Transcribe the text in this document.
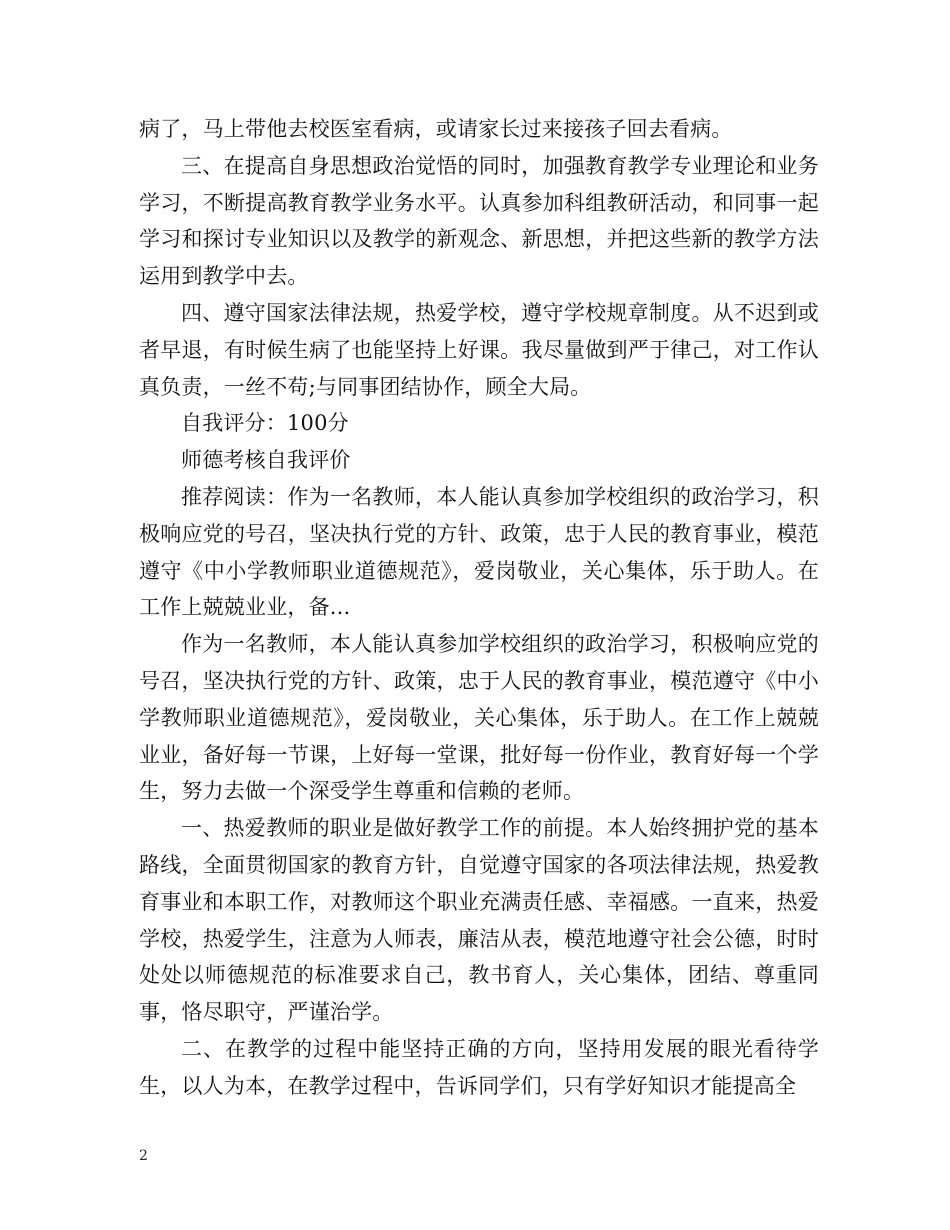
病了，马上带他去校医室看病，或请家长过来接孩子回去看病。

三、在提高自身思想政治觉悟的同时，加强教育教学专业理论和业务学习，不断提高教育教学业务水平。认真参加科组教研活动，和同事一起学习和探讨专业知识以及教学的新观念、新思想，并把这些新的教学方法运用到教学中去。

四、遵守国家法律法规，热爱学校，遵守学校规章制度。从不迟到或者早退，有时候生病了也能坚持上好课。我尽量做到严于律己，对工作认真负责，一丝不苟;与同事团结协作，顾全大局。

自我评分：100分

师德考核自我评价

推荐阅读：作为一名教师，本人能认真参加学校组织的政治学习，积极响应党的号召，坚决执行党的方针、政策，忠于人民的教育事业，模范遵守《中小学教师职业道德规范》，爱岗敬业，关心集体，乐于助人。在工作上兢兢业业，备...

作为一名教师，本人能认真参加学校组织的政治学习，积极响应党的号召，坚决执行党的方针、政策，忠于人民的教育事业，模范遵守《中小学教师职业道德规范》，爱岗敬业，关心集体，乐于助人。在工作上兢兢业业，备好每一节课，上好每一堂课，批好每一份作业，教育好每一个学生，努力去做一个深受学生尊重和信赖的老师。

一、热爱教师的职业是做好教学工作的前提。本人始终拥护党的基本路线，全面贯彻国家的教育方针，自觉遵守国家的各项法律法规，热爱教育事业和本职工作，对教师这个职业充满责任感、幸福感。一直来，热爱学校，热爱学生，注意为人师表，廉洁从表，模范地遵守社会公德，时时处处以师德规范的标准要求自己，教书育人，关心集体，团结、尊重同事，恪尽职守，严谨治学。

二、在教学的过程中能坚持正确的方向，坚持用发展的眼光看待学生，以人为本，在教学过程中，告诉同学们，只有学好知识才能提高全

2
